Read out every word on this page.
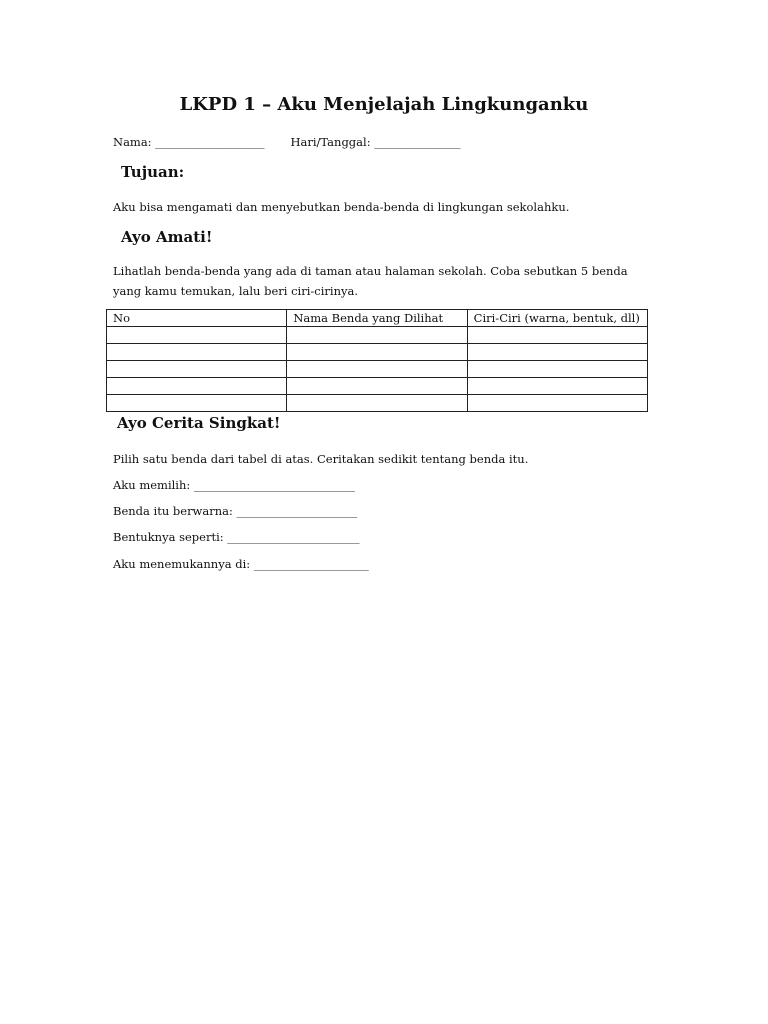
LKPD 1 – Aku Menjelajah Lingkunganku
Nama: ___________________ Hari/Tanggal: _______________
Tujuan:
Aku bisa mengamati dan menyebutkan benda-benda di lingkungan sekolahku.
Ayo Amati!
Lihatlah benda-benda yang ada di taman atau halaman sekolah. Coba sebutkan 5 benda yang kamu temukan, lalu beri ciri-cirinya.
No	Nama Benda yang Dilihat	Ciri-Ciri (warna, bentuk, dll)

Ayo Cerita Singkat!
Pilih satu benda dari tabel di atas. Ceritakan sedikit tentang benda itu.
Aku memilih: ____________________________
Benda itu berwarna: _____________________
Bentuknya seperti: _______________________
Aku menemukannya di: ____________________
